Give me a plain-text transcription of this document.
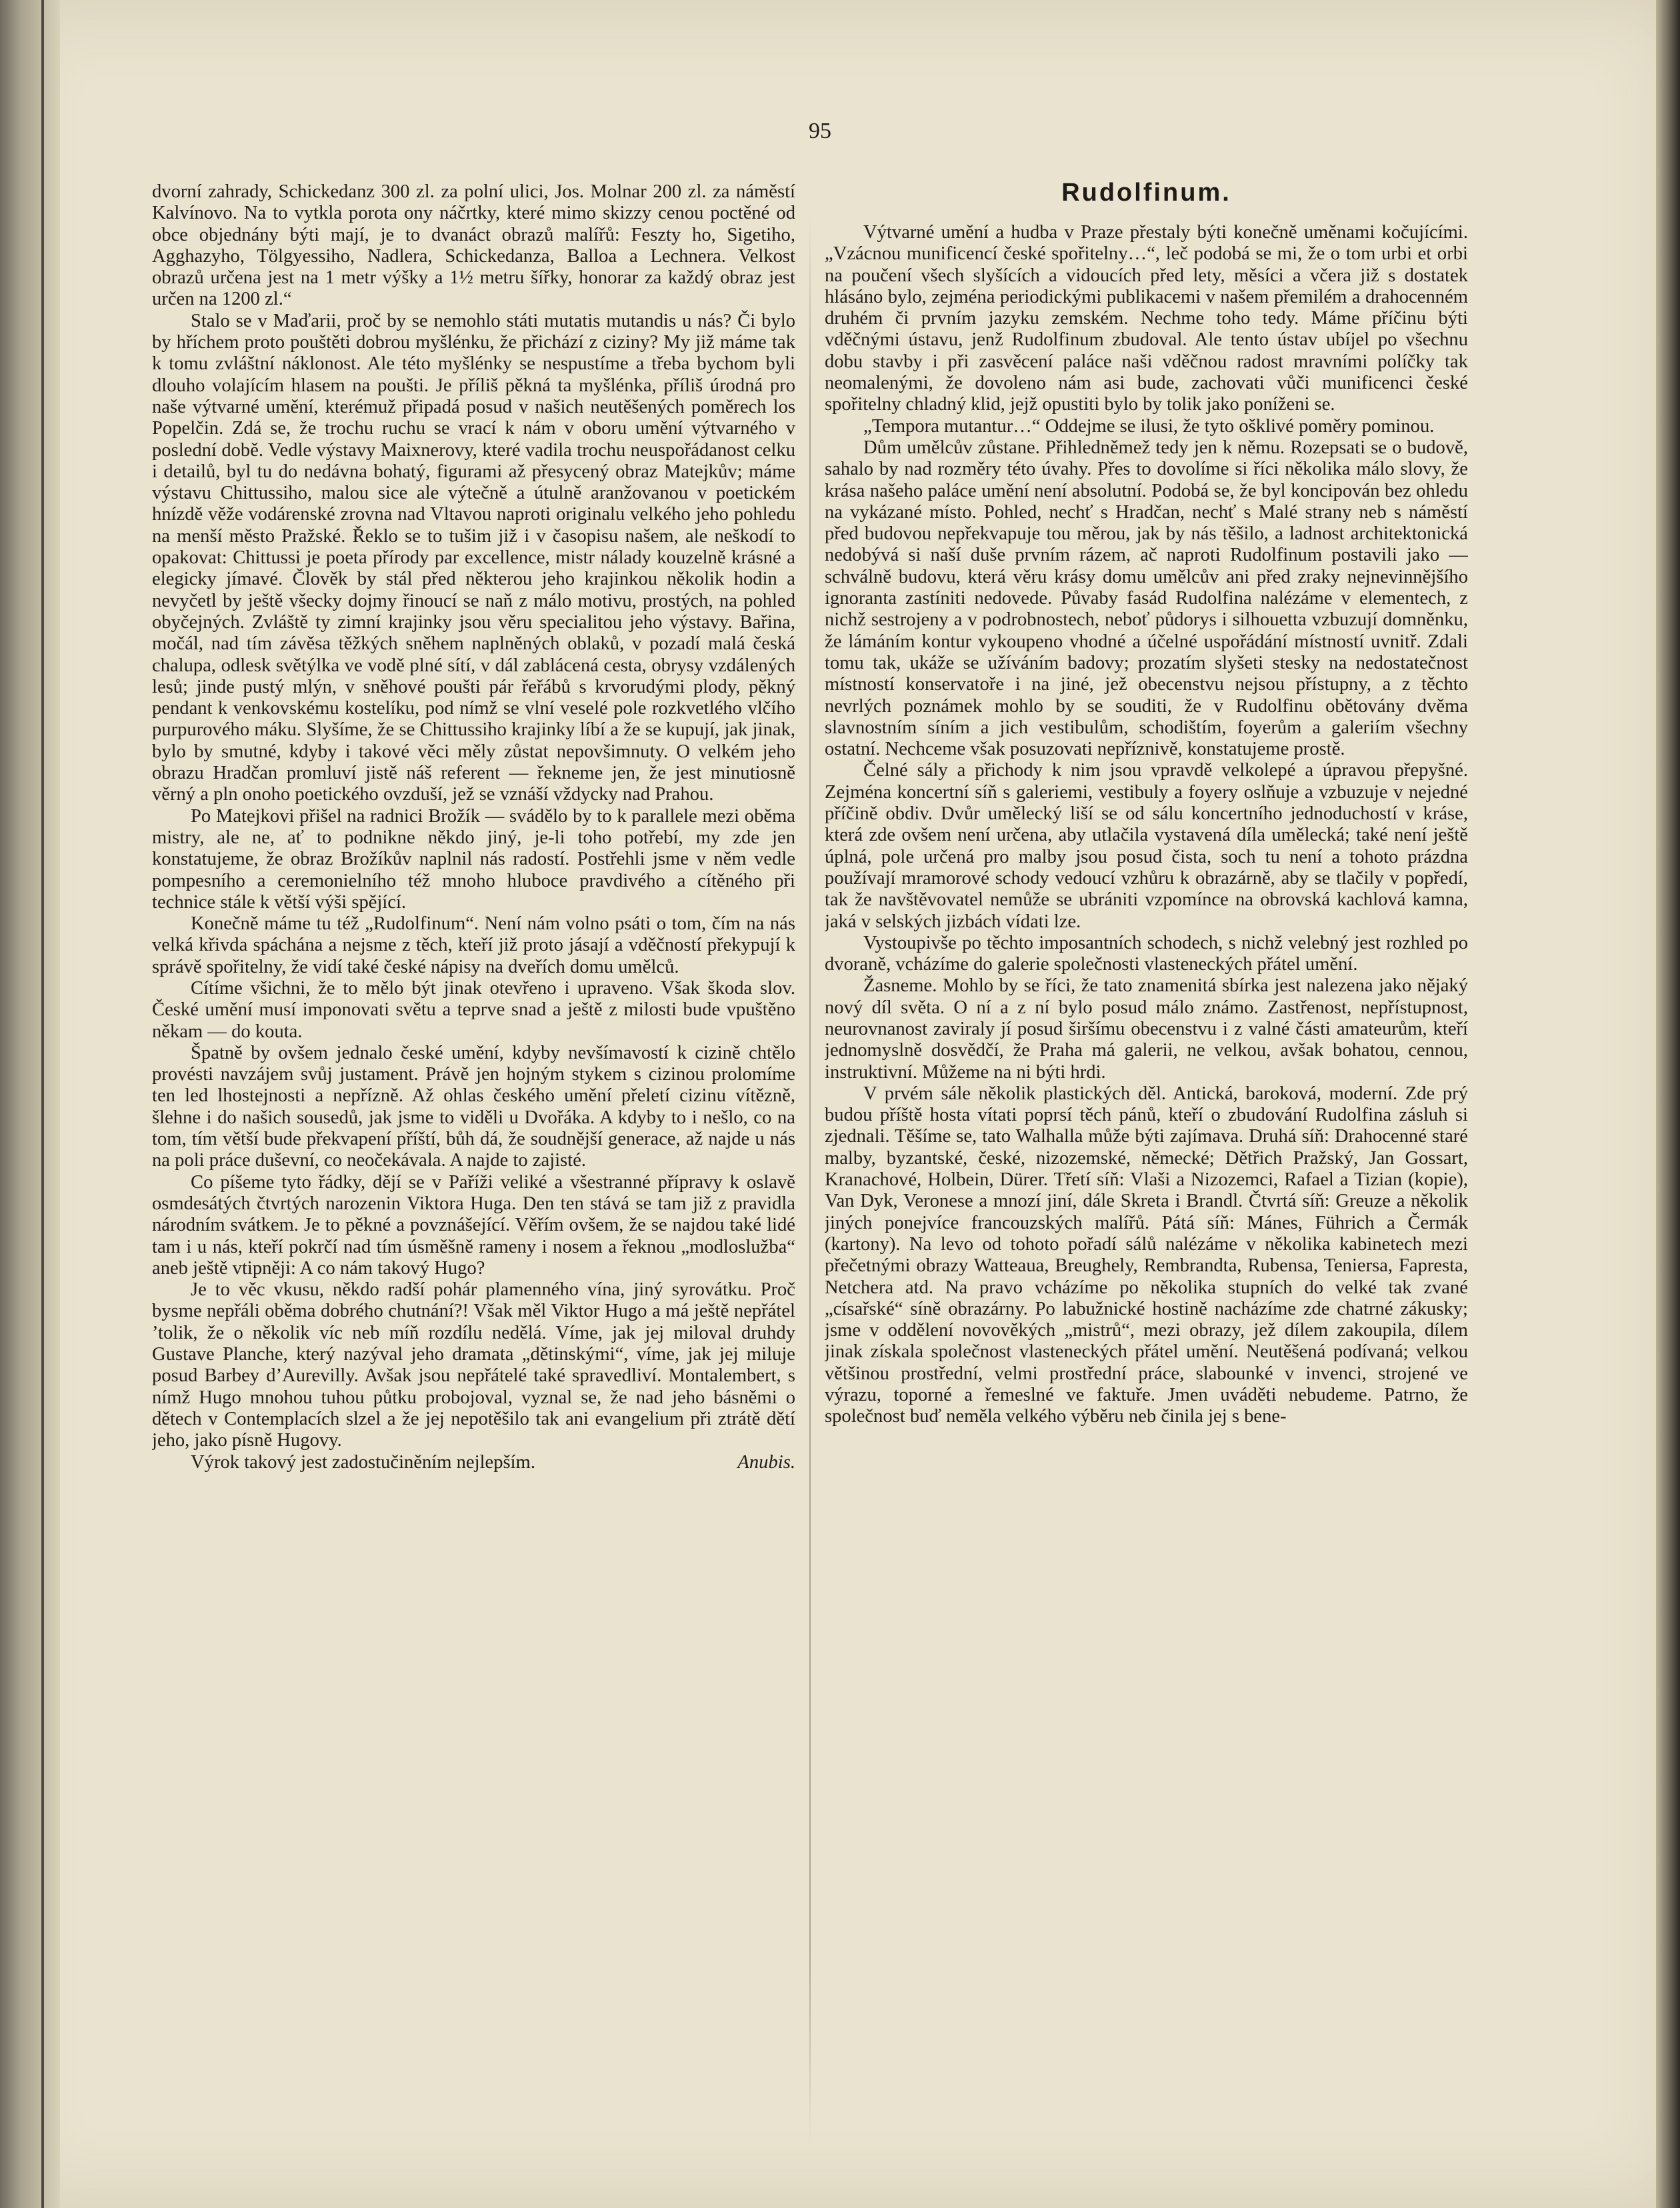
95

dvorní zahrady, Schickedanz 300 zl. za polní ulici, Jos. Molnar 200 zl. za náměstí Kalvínovo. Na to vytkla porota ony náčrtky, které mimo skizzy cenou poctěné od obce objednány býti mají, je to dvanáct obrazů malířů: Feszty ho, Sigetiho, Agghazyho, Tölgyessiho, Nadlera, Schickedanza, Balloa a Lechnera. Velkost obrazů určena jest na 1 metr výšky a 1½ metru šířky, honorar za každý obraz jest určen na 1200 zl.“

Stalo se v Maďarii, proč by se nemohlo státi mutatis mutandis u nás? Či bylo by hříchem proto pouštěti dobrou myšlénku, že přichází z ciziny? My již máme tak k tomu zvláštní náklonost. Ale této myšlénky se nespustíme a třeba bychom byli dlouho volajícím hlasem na poušti. Je příliš pěkná ta myšlénka, příliš úrodná pro naše výtvarné umění, kterémuž připadá posud v našich neutěšených poměrech los Popelčin. Zdá se, že trochu ruchu se vrací k nám v oboru umění výtvarného v poslední době. Vedle výstavy Maixnerovy, které vadila trochu neuspořádanost celku i detailů, byl tu do nedávna bohatý, figurami až přesycený obraz Matejkův; máme výstavu Chittussiho, malou sice ale výtečně a útulně aranžovanou v poetickém hnízdě věže vodárenské zrovna nad Vltavou naproti originalu velkého jeho pohledu na menší město Pražské. Řeklo se to tušim již i v časopisu našem, ale neškodí to opakovat: Chittussi je poeta přírody par excellence, mistr nálady kouzelně krásné a elegicky jímavé. Člověk by stál před některou jeho krajinkou několik hodin a nevyčetl by ještě všecky dojmy řinoucí se naň z málo motivu, prostých, na pohled obyčejných. Zvláště ty zimní krajinky jsou věru specialitou jeho výstavy. Bařina, močál, nad tím závěsa těžkých sněhem naplněných oblaků, v pozadí malá česká chalupa, odlesk světýlka ve vodě plné sítí, v dál zablácená cesta, obrysy vzdálených lesů; jinde pustý mlýn, v sněhové poušti pár řeřábů s krvorudými plody, pěkný pendant k venkovskému kostelíku, pod nímž se vlní veselé pole rozkvetlého vlčího purpurového máku. Slyšíme, že se Chittussiho krajinky líbí a že se kupují, jak jinak, bylo by smutné, kdyby i takové věci měly zůstat nepovšimnuty. O velkém jeho obrazu Hradčan promluví jistě náš referent — řekneme jen, že jest minutiosně věrný a pln onoho poetického ovzduší, jež se vznáší vždycky nad Prahou.

Po Matejkovi přišel na radnici Brožík — svádělo by to k parallele mezi oběma mistry, ale ne, ať to podnikne někdo jiný, je-li toho potřebí, my zde jen konstatujeme, že obraz Brožíkův naplnil nás radostí. Postřehli jsme v něm vedle pompesního a ceremonielního též mnoho hluboce pravdivého a cítěného při technice stále k větší výši spějící.

Konečně máme tu též „Rudolfinum“. Není nám volno psáti o tom, čím na nás velká křivda spáchána a nejsme z těch, kteří již proto jásají a vděčností překypují k správě spořitelny, že vidí také české nápisy na dveřích domu umělců.

Cítíme všichni, že to mělo být jinak otevřeno i upraveno. Však škoda slov. České umění musí imponovati světu a teprve snad a ještě z milosti bude vpuštěno někam — do kouta.

Špatně by ovšem jednalo české umění, kdyby nevšímavostí k cizině chtělo provésti navzájem svůj justament. Právě jen hojným stykem s cizinou prolomíme ten led lhostejnosti a nepřízně. Až ohlas českého umění přeletí cizinu vítězně, šlehne i do našich sousedů, jak jsme to viděli u Dvořáka. A kdyby to i nešlo, co na tom, tím větší bude překvapení příští, bůh dá, že soudnější generace, až najde u nás na poli práce duševní, co neočekávala. A najde to zajisté.

Co píšeme tyto řádky, dějí se v Paříži veliké a všestranné přípravy k oslavě osmdesátých čtvrtých narozenin Viktora Huga. Den ten stává se tam již z pravidla národním svátkem. Je to pěkné a povznášející. Věřím ovšem, že se najdou také lidé tam i u nás, kteří pokrčí nad tím úsměšně rameny i nosem a řeknou „modloslužba“ aneb ještě vtipněji: A co nám takový Hugo?

Je to věc vkusu, někdo radší pohár plamenného vína, jiný syrovátku. Proč bysme nepřáli oběma dobrého chutnání?! Však měl Viktor Hugo a má ještě nepřátel ’tolik, že o několik víc neb míň rozdílu nedělá. Víme, jak jej miloval druhdy Gustave Planche, který nazýval jeho dramata „dětinskými“, víme, jak jej miluje posud Barbey d’Aurevilly. Avšak jsou nepřátelé také spravedliví. Montalembert, s nímž Hugo mnohou tuhou půtku probojoval, vyznal se, že nad jeho básněmi o dětech v Contemplacích slzel a že jej nepotěšilo tak ani evangelium při ztrátě dětí jeho, jako písně Hugovy.

Anubis.
Výrok takový jest zadostučiněním nejlepším.

Rudolfinum.

Výtvarné umění a hudba v Praze přestaly býti konečně uměnami kočujícími. „Vzácnou munificencí české spořitelny…“, leč podobá se mi, že o tom urbi et orbi na poučení všech slyšících a vidoucích před lety, měsíci a včera již s dostatek hlásáno bylo, zejména periodickými publikacemi v našem přemilém a drahocenném druhém či prvním jazyku zemském. Nechme toho tedy. Máme příčinu býti vděčnými ústavu, jenž Rudolfinum zbudoval. Ale tento ústav ubíjel po všechnu dobu stavby i při zasvěcení paláce naši vděčnou radost mravními políčky tak neomalenými, že dovoleno nám asi bude, zachovati vůči munificenci české spořitelny chladný klid, jejž opustiti bylo by tolik jako poníženi se.

„Tempora mutantur…“ Oddejme se ilusi, že tyto ošklivé poměry pominou.

Dům umělcův zůstane. Přihledněmež tedy jen k němu. Rozepsati se o budově, sahalo by nad rozměry této úvahy. Přes to dovolíme si říci několika málo slovy, že krása našeho paláce umění není absolutní. Podobá se, že byl koncipován bez ohledu na vykázané místo. Pohled, nechť s Hradčan, nechť s Malé strany neb s náměstí před budovou nepřekvapuje tou měrou, jak by nás těšilo, a ladnost architektonická nedobývá si naší duše prvním rázem, ač naproti Rudolfinum postavili jako — schválně budovu, která věru krásy domu umělcův ani před zraky nejnevinnějšího ignoranta zastíniti nedovede. Půvaby fasád Rudolfina nalézáme v elementech, z nichž sestrojeny a v podrobnostech, neboť půdorys i silhouetta vzbuzují domněnku, že lámáním kontur vykoupeno vhodné a účelné uspořádání místností uvnitř. Zdali tomu tak, ukáže se užíváním badovy; prozatím slyšeti stesky na nedostatečnost místností konservatoře i na jiné, jež obecenstvu nejsou přístupny, a z těchto nevrlých poznámek mohlo by se souditi, že v Rudolfinu obětovány dvěma slavnostním síním a jich vestibulům, schodištím, foyerům a galeriím všechny ostatní. Nechceme však posuzovati nepříznivě, konstatujeme prostě.

Čelné sály a přichody k nim jsou vpravdě velkolepé a úpravou přepyšné. Zejména koncertní síň s galeriemi, vestibuly a foyery oslňuje a vzbuzuje v nejedné příčině obdiv. Dvůr umělecký liší se od sálu koncertního jednoduchostí v kráse, která zde ovšem není určena, aby utlačila vystavená díla umělecká; také není ještě úplná, pole určená pro malby jsou posud čista, soch tu není a tohoto prázdna používají mramorové schody vedoucí vzhůru k obrazárně, aby se tlačily v popředí, tak že navštěvovatel nemůže se ubrániti vzpomínce na obrovská kachlová kamna, jaká v selských jizbách vídati lze.

Vystoupivše po těchto imposantních schodech, s nichž velebný jest rozhled po dvoraně, vcházíme do galerie společnosti vlasteneckých přátel umění.

Žasneme. Mohlo by se říci, že tato znamenitá sbírka jest nalezena jako nějaký nový díl světa. O ní a z ní bylo posud málo známo. Zastřenost, nepřístupnost, neurovnanost zaviraly jí posud širšímu obecenstvu i z valné části amateurům, kteří jednomyslně dosvědčí, že Praha má galerii, ne velkou, avšak bohatou, cennou, instruktivní. Můžeme na ni býti hrdi.

V prvém sále několik plastických děl. Antická, baroková, moderní. Zde prý budou příště hosta vítati poprsí těch pánů, kteří o zbudování Rudolfina zásluh si zjednali. Těšíme se, tato Walhalla může býti zajímava. Druhá síň: Drahocenné staré malby, byzantské, české, nizozemské, německé; Dětřich Pražský, Jan Gossart, Kranachové, Holbein, Dürer. Třetí síň: Vlaši a Nizozemci, Rafael a Tizian (kopie), Van Dyk, Veronese a mnozí jiní, dále Skreta i Brandl. Čtvrtá síň: Greuze a několik jiných ponejvíce francouzských malířů. Pátá síň: Mánes, Führich a Čermák (kartony). Na levo od tohoto pořadí sálů nalézáme v několika kabinetech mezi přečetnými obrazy Watteaua, Breughely, Rembrandta, Rubensa, Teniersa, Fapresta, Netchera atd. Na pravo vcházíme po několika stupních do velké tak zvané „císařské“ síně obrazárny. Po labužnické hostině nacházíme zde chatrné zákusky; jsme v oddělení novověkých „mistrů“, mezi obrazy, jež dílem zakoupila, dílem jinak získala společnost vlasteneckých přátel umění. Neutěšená podívaná; velkou většinou prostřední, velmi prostřední práce, slabounké v invenci, strojené ve výrazu, toporné a řemeslné ve faktuře. Jmen uváděti nebudeme. Patrno, že společnost buď neměla velkého výběru neb činila jej s bene-
